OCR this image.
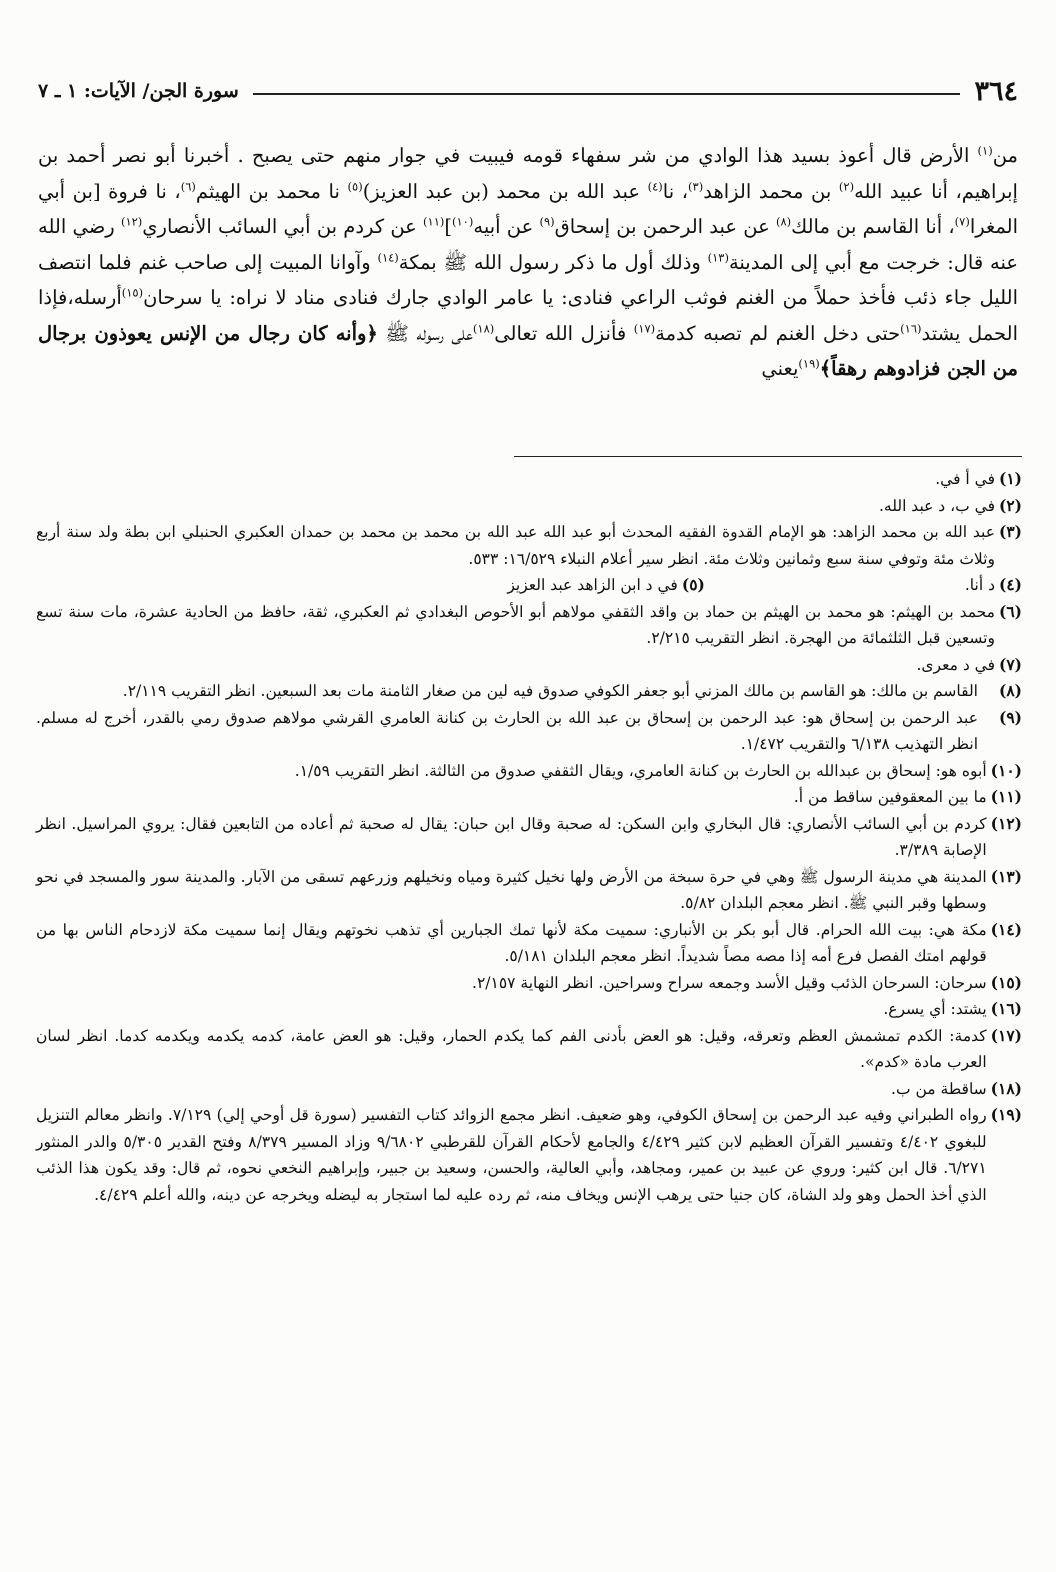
٣٦٤
سورة الجن/ الآيات: ١ ـ ٧

من$^{(١)}$ الأرض قال أعوذ بسيد هذا الوادي من شر سفهاء قومه فيبيت في جوار منهم حتى يصبح . أخبرنا أبو نصر أحمد بن إبراهيم، أنا عبيد الله$^{(٢)}$ بن محمد الزاهد$^{(٣)}$، نا$^{(٤)}$ عبد الله بن محمد (بن عبد العزيز)$^{(٥)}$ نا محمد بن الهيثم$^{(٦)}$، نا فروة [بن أبي المغرا$^{(٧)}$، أنا القاسم بن مالك$^{(٨)}$ عن عبد الرحمن بن إسحاق$^{(٩)}$ عن أبيه$^{(١٠)}$]$^{(١١)}$ عن كردم بن أبي السائب الأنصاري$^{(١٢)}$ رضي الله عنه قال: خرجت مع أبي إلى المدينة$^{(١٣)}$ وذلك أول ما ذكر رسول الله ﷺ بمكة$^{(١٤)}$ وآوانا المبيت إلى صاحب غنم فلما انتصف الليل جاء ذئب فأخذ حملاً من الغنم فوثب الراعي فنادى: يا عامر الوادي جارك فنادى مناد لا نراه: يا سرحان$^{(١٥)}$أرسله،فإذا الحمل يشتد$^{(١٦)}$حتى دخل الغنم لم تصبه كدمة$^{(١٧)}$ فأنزل الله تعالى$^{(١٨)}$على رسوله ﷺ ﴿وأنه كان رجال من الإنس يعوذون برجال من الجن فزادوهم رهقاً﴾$^{(١٩)}$يعني

(١)
في أ في.
(٢)
في ب، د عبد الله.
(٣)
عبد الله بن محمد الزاهد: هو الإمام القدوة الفقيه المحدث أبو عبد الله عبد الله بن محمد بن محمد بن حمدان العكبري الحنبلي ابن بطة ولد سنة أربع وثلاث مئة وتوفي سنة سبع وثمانين وثلاث مئة. انظر سير أعلام النبلاء ١٦/٥٢٩: ٥٣٣.
(٤)
د أنا.
(٥)
في د ابن الزاهد عبد العزيز
(٦)
محمد بن الهيثم: هو محمد بن الهيثم بن حماد بن واقد الثقفي مولاهم أبو الأحوص البغدادي ثم العكبري، ثقة، حافظ من الحادية عشرة، مات سنة تسع وتسعين قبل الثلثمائة من الهجرة. انظر التقريب ٢/٢١٥.
(٧)
في د معرى.
(٨)
القاسم بن مالك: هو القاسم بن مالك المزني أبو جعفر الكوفي صدوق فيه لين من صغار الثامنة مات بعد السبعين. انظر التقريب ٢/١١٩.
(٩)
عبد الرحمن بن إسحاق هو: عبد الرحمن بن إسحاق بن عبد الله بن الحارث بن كنانة العامري القرشي مولاهم صدوق رمي بالقدر، أخرج له مسلم. انظر التهذيب ٦/١٣٨ والتقريب ١/٤٧٢.
(١٠)
أبوه هو: إسحاق بن عبدالله بن الحارث بن كنانة العامري، ويقال الثقفي صدوق من الثالثة. انظر التقريب ١/٥٩.
(١١)
ما بين المعقوفين ساقط من أ.
(١٢)
كردم بن أبي السائب الأنصاري: قال البخاري وابن السكن: له صحبة وقال ابن حبان: يقال له صحبة ثم أعاده من التابعين فقال: يروي المراسيل. انظر الإصابة ٣/٣٨٩.
(١٣)
المدينة هي مدينة الرسول ﷺ وهي في حرة سبخة من الأرض ولها نخيل كثيرة ومياه ونخيلهم وزرعهم تسقى من الآبار. والمدينة سور والمسجد في نحو وسطها وقبر النبي ﷺ. انظر معجم البلدان ٥/٨٢.
(١٤)
مكة هي: بيت الله الحرام. قال أبو بكر بن الأنباري: سميت مكة لأنها تمك الجبارين أي تذهب نخوتهم ويقال إنما سميت مكة لازدحام الناس بها من قولهم امتك الفصل فرع أمه إذا مصه مصاً شديداً. انظر معجم البلدان ٥/١٨١.
(١٥)
سرحان: السرحان الذئب وقيل الأسد وجمعه سراح وسراحين. انظر النهاية ٢/١٥٧.
(١٦)
يشتد: أي يسرع.
(١٧)
كدمة: الكدم تمشمش العظم وتعرقه، وقيل: هو العض بأدنى الفم كما يكدم الحمار، وقيل: هو العض عامة، كدمه يكدمه ويكدمه كدما. انظر لسان العرب مادة «كدم».
(١٨)
ساقطة من ب.
(١٩)
رواه الطبراني وفيه عبد الرحمن بن إسحاق الكوفي، وهو ضعيف. انظر مجمع الزوائد كتاب التفسير (سورة قل أوحي إلي) ٧/١٢٩. وانظر معالم التنزيل للبغوي ٤/٤٠٢ وتفسير القرآن العظيم لابن كثير ٤/٤٢٩ والجامع لأحكام القرآن للقرطبي ٩/٦٨٠٢ وزاد المسير ٨/٣٧٩ وفتح القدير ٥/٣٠٥ والدر المنثور ٦/٢٧١. قال ابن كثير: وروي عن عبيد بن عمير، ومجاهد، وأبي العالية، والحسن، وسعيد بن جبير، وإبراهيم النخعي نحوه، ثم قال: وقد يكون هذا الذئب الذي أخذ الحمل وهو ولد الشاة، كان جنيا حتى يرهب الإنس ويخاف منه، ثم رده عليه لما استجار به ليضله ويخرجه عن دينه، والله أعلم ٤/٤٢٩.
